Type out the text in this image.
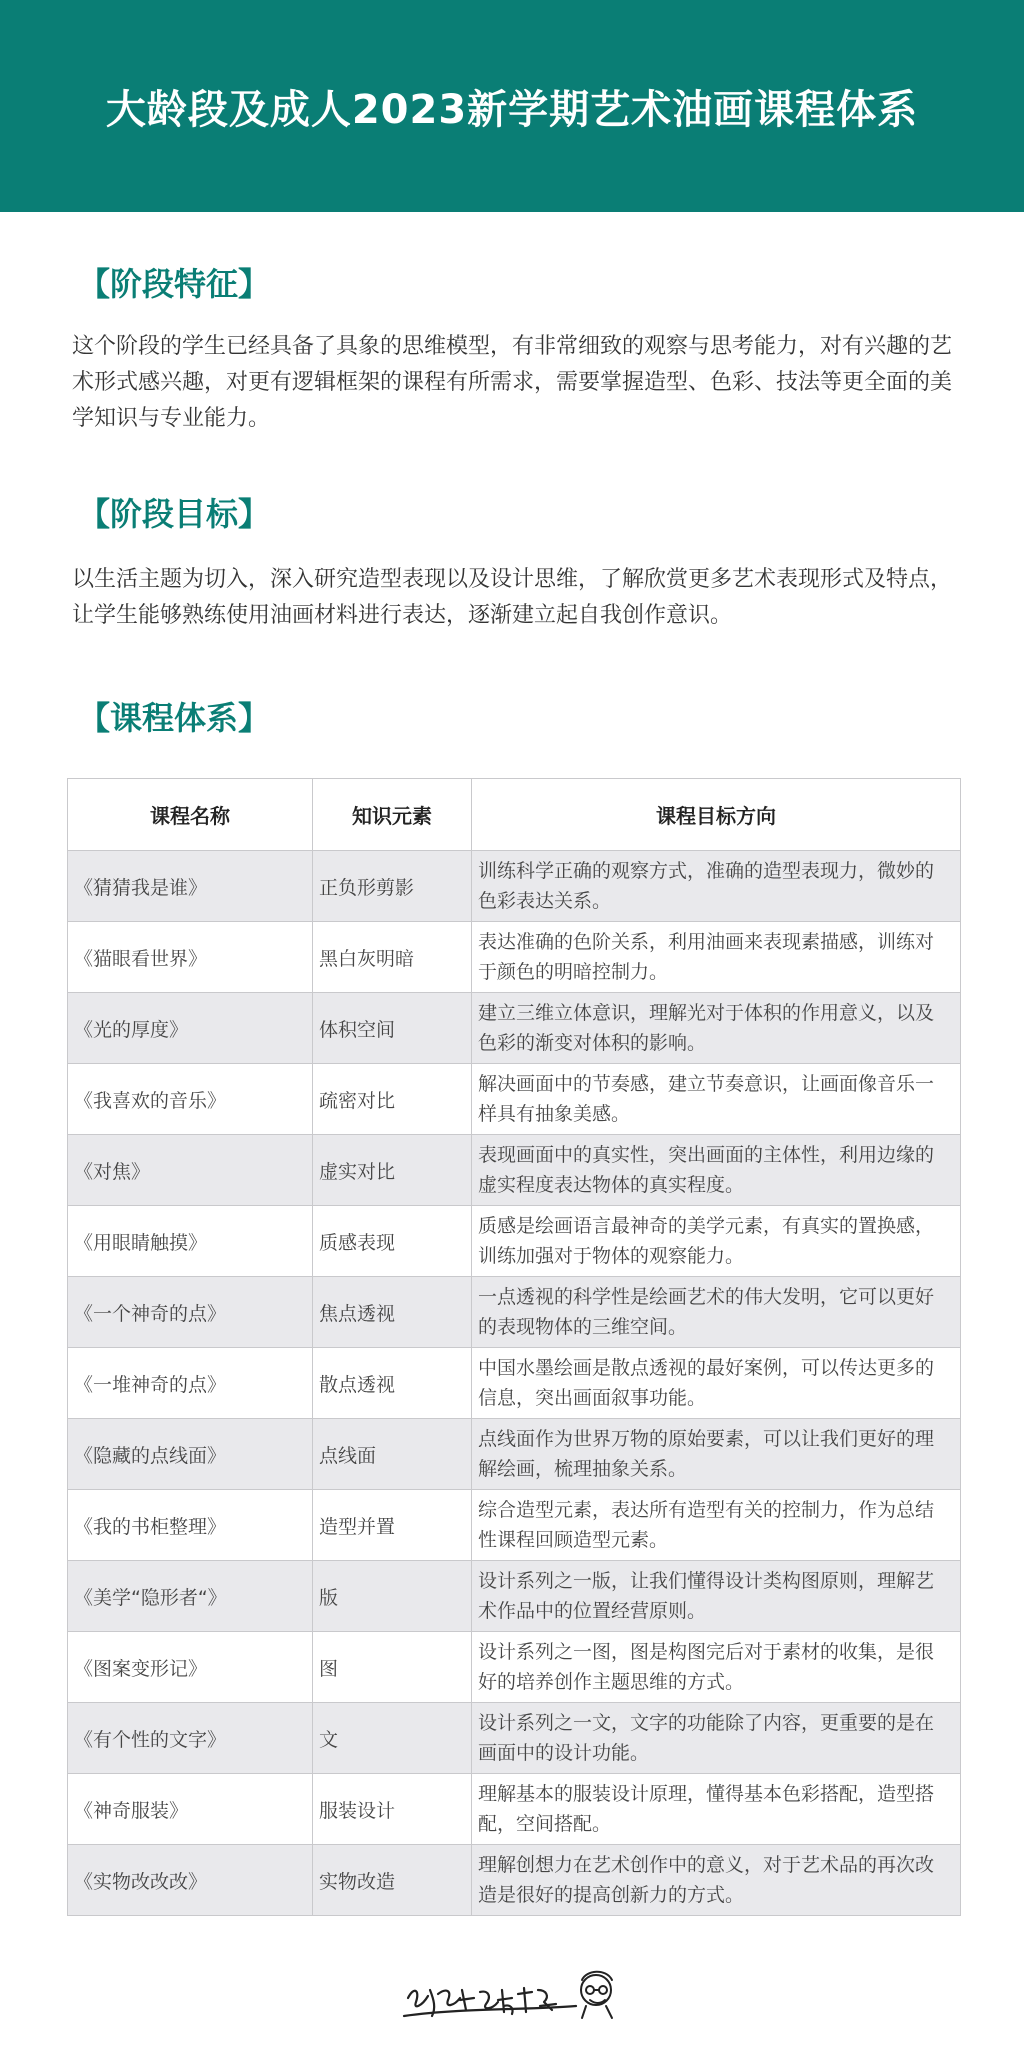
大龄段及成人2023新学期艺术油画课程体系
【阶段特征】

这个阶段的学生已经具备了具象的思维模型，有非常细致的观察与思考能力，对有兴趣的艺术形式感兴趣，对更有逻辑框架的课程有所需求，需要掌握造型、色彩、技法等更全面的美学知识与专业能力。

【阶段目标】

以生活主题为切入，深入研究造型表现以及设计思维，了解欣赏更多艺术表现形式及特点，让学生能够熟练使用油画材料进行表达，逐渐建立起自我创作意识。

【课程体系】
课程名称	知识元素	课程目标方向
《猜猜我是谁》	正负形剪影	训练科学正确的观察方式，准确的造型表现力，微妙的色彩表达关系。
《猫眼看世界》	黑白灰明暗	表达准确的色阶关系，利用油画来表现素描感，训练对于颜色的明暗控制力。
《光的厚度》	体积空间	建立三维立体意识，理解光对于体积的作用意义，以及色彩的渐变对体积的影响。
《我喜欢的音乐》	疏密对比	解决画面中的节奏感，建立节奏意识，让画面像音乐一样具有抽象美感。
《对焦》	虚实对比	表现画面中的真实性，突出画面的主体性，利用边缘的虚实程度表达物体的真实程度。
《用眼睛触摸》	质感表现	质感是绘画语言最神奇的美学元素，有真实的置换感，训练加强对于物体的观察能力。
《一个神奇的点》	焦点透视	一点透视的科学性是绘画艺术的伟大发明，它可以更好的表现物体的三维空间。
《一堆神奇的点》	散点透视	中国水墨绘画是散点透视的最好案例，可以传达更多的信息，突出画面叙事功能。
《隐藏的点线面》	点线面	点线面作为世界万物的原始要素，可以让我们更好的理解绘画，梳理抽象关系。
《我的书柜整理》	造型并置	综合造型元素，表达所有造型有关的控制力，作为总结性课程回顾造型元素。
《美学“隐形者“》	版	设计系列之一版，让我们懂得设计类构图原则，理解艺术作品中的位置经营原则。
《图案变形记》	图	设计系列之一图，图是构图完后对于素材的收集，是很好的培养创作主题思维的方式。
《有个性的文字》	文	设计系列之一文，文字的功能除了内容，更重要的是在画面中的设计功能。
《神奇服装》	服装设计	理解基本的服装设计原理，懂得基本色彩搭配，造型搭配，空间搭配。
《实物改改改》	实物改造	理解创想力在艺术创作中的意义，对于艺术品的再次改造是很好的提高创新力的方式。
